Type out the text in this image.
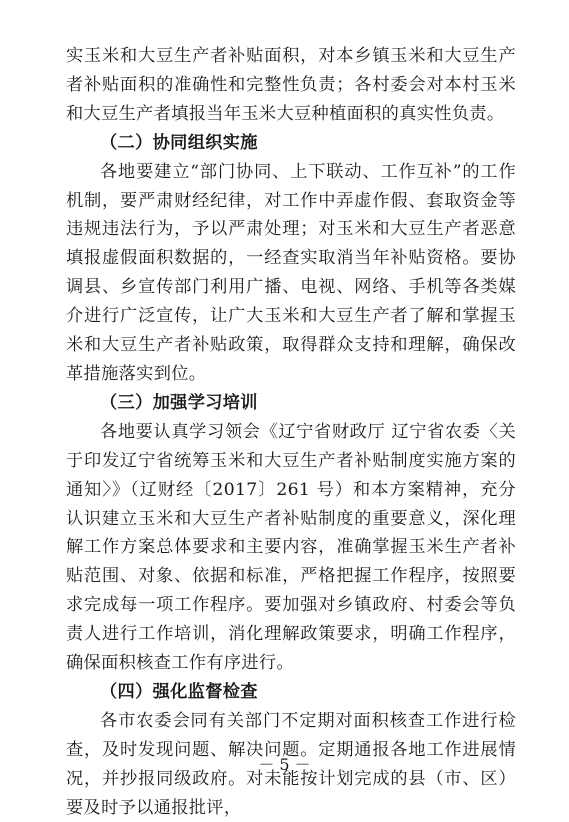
实玉米和大豆生产者补贴面积，对本乡镇玉米和大豆生产者补贴面积的准确性和完整性负责；各村委会对本村玉米和大豆生产者填报当年玉米大豆种植面积的真实性负责。

（二）协同组织实施

各地要建立“部门协同、上下联动、工作互补”的工作机制，要严肃财经纪律，对工作中弄虚作假、套取资金等违规违法行为，予以严肃处理；对玉米和大豆生产者恶意填报虚假面积数据的，一经查实取消当年补贴资格。要协调县、乡宣传部门利用广播、电视、网络、手机等各类媒介进行广泛宣传，让广大玉米和大豆生产者了解和掌握玉米和大豆生产者补贴政策，取得群众支持和理解，确保改革措施落实到位。

（三）加强学习培训

各地要认真学习领会《辽宁省财政厅 辽宁省农委〈关于印发辽宁省统筹玉米和大豆生产者补贴制度实施方案的通知〉》（辽财经〔2017〕261 号）和本方案精神，充分认识建立玉米和大豆生产者补贴制度的重要意义，深化理解工作方案总体要求和主要内容，准确掌握玉米生产者补贴范围、对象、依据和标准，严格把握工作程序，按照要求完成每一项工作程序。要加强对乡镇政府、村委会等负责人进行工作培训，消化理解政策要求，明确工作程序，确保面积核查工作有序进行。

（四）强化监督检查

各市农委会同有关部门不定期对面积核查工作进行检查，及时发现问题、解决问题。定期通报各地工作进展情况，并抄报同级政府。对未能按计划完成的县（市、区）要及时予以通报批评，

－ 5 －
